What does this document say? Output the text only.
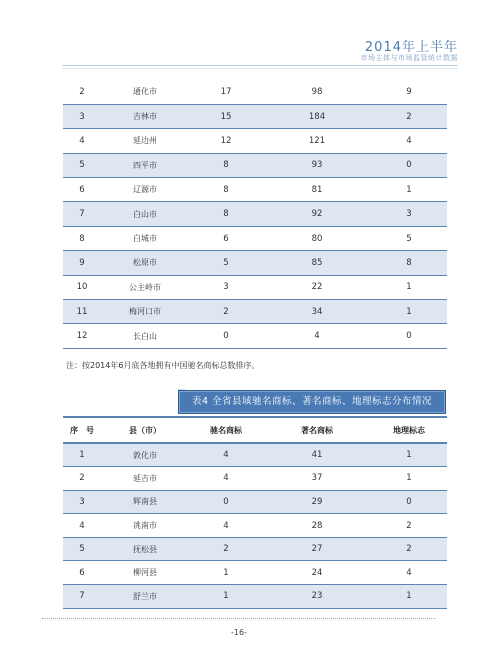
2014年上半年
市场主体与市场监管统计数据
2	通化市	17	98	9
3	吉林市	15	184	2
4	延边州	12	121	4
5	四平市	8	93	0
6	辽源市	8	81	1
7	白山市	8	92	3
8	白城市	6	80	5
9	松原市	5	85	8
10	公主岭市	3	22	1
11	梅河口市	2	34	1
12	长白山	0	4	0
注：按2014年6月底各地拥有中国驰名商标总数排序。
表4 全省县域驰名商标、著名商标、地理标志分布情况
序　号	县（市）	驰名商标	著名商标	地理标志
1	敦化市	4	41	1
2	延吉市	4	37	1
3	辉南县	0	29	0
4	洮南市	4	28	2
5	抚松县	2	27	2
6	柳河县	1	24	4
7	舒兰市	1	23	1
-16-
